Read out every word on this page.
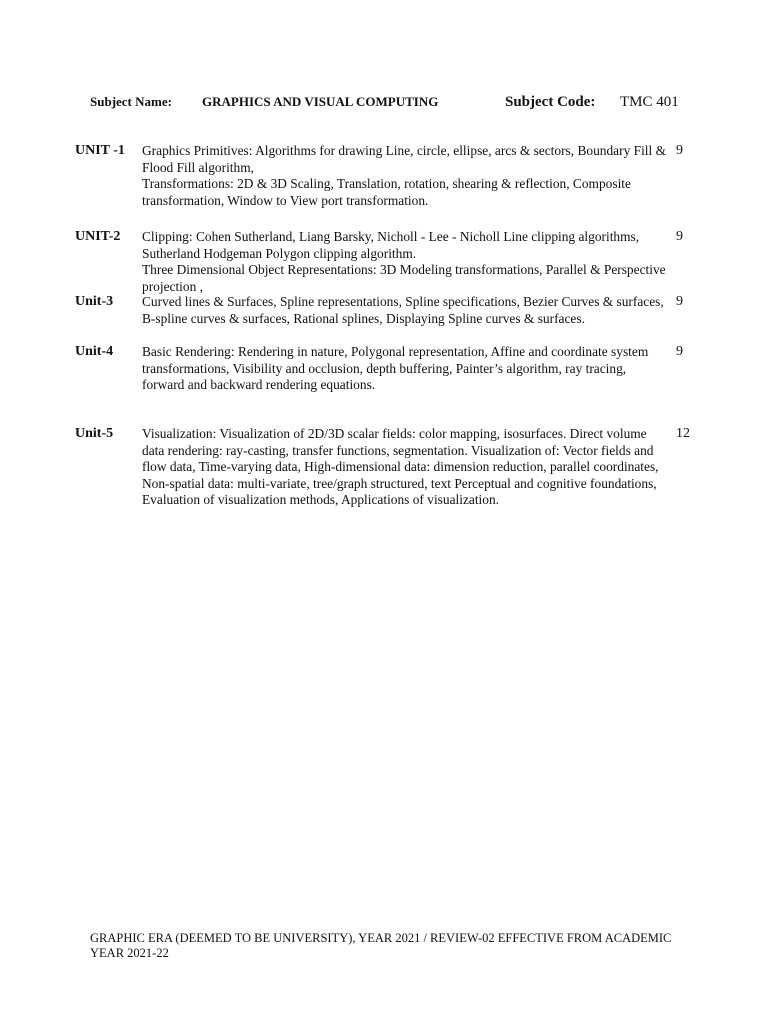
Subject Name: GRAPHICS AND VISUAL COMPUTING	Subject Code: TMC 401
UNIT -1 Graphics Primitives: Algorithms for drawing Line, circle, ellipse, arcs & sectors, Boundary Fill & Flood Fill algorithm,
Transformations: 2D & 3D Scaling, Translation, rotation, shearing & reflection, Composite transformation, Window to View port transformation.
9
UNIT-2 Clipping: Cohen Sutherland, Liang Barsky, Nicholl - Lee - Nicholl Line clipping algorithms, Sutherland Hodgeman Polygon clipping algorithm.
Three Dimensional Object Representations: 3D Modeling transformations, Parallel & Perspective projection ,
9
Unit-3 Curved lines & Surfaces, Spline representations, Spline specifications, Bezier Curves & surfaces, B-spline curves & surfaces, Rational splines, Displaying Spline curves & surfaces.
9
Unit-4 Basic Rendering: Rendering in nature, Polygonal representation, Affine and coordinate system transformations, Visibility and occlusion, depth buffering, Painter’s algorithm, ray tracing, forward and backward rendering equations.
9
Unit-5 Visualization: Visualization of 2D/3D scalar fields: color mapping, isosurfaces. Direct volume data rendering: ray-casting, transfer functions, segmentation. Visualization of: Vector fields and flow data, Time-varying data, High-dimensional data: dimension reduction, parallel coordinates, Non-spatial data: multi-variate, tree/graph structured, text Perceptual and cognitive foundations, Evaluation of visualization methods, Applications of visualization.
12
GRAPHIC ERA (DEEMED TO BE UNIVERSITY), YEAR 2021 / REVIEW-02 EFFECTIVE FROM ACADEMIC YEAR 2021-22
